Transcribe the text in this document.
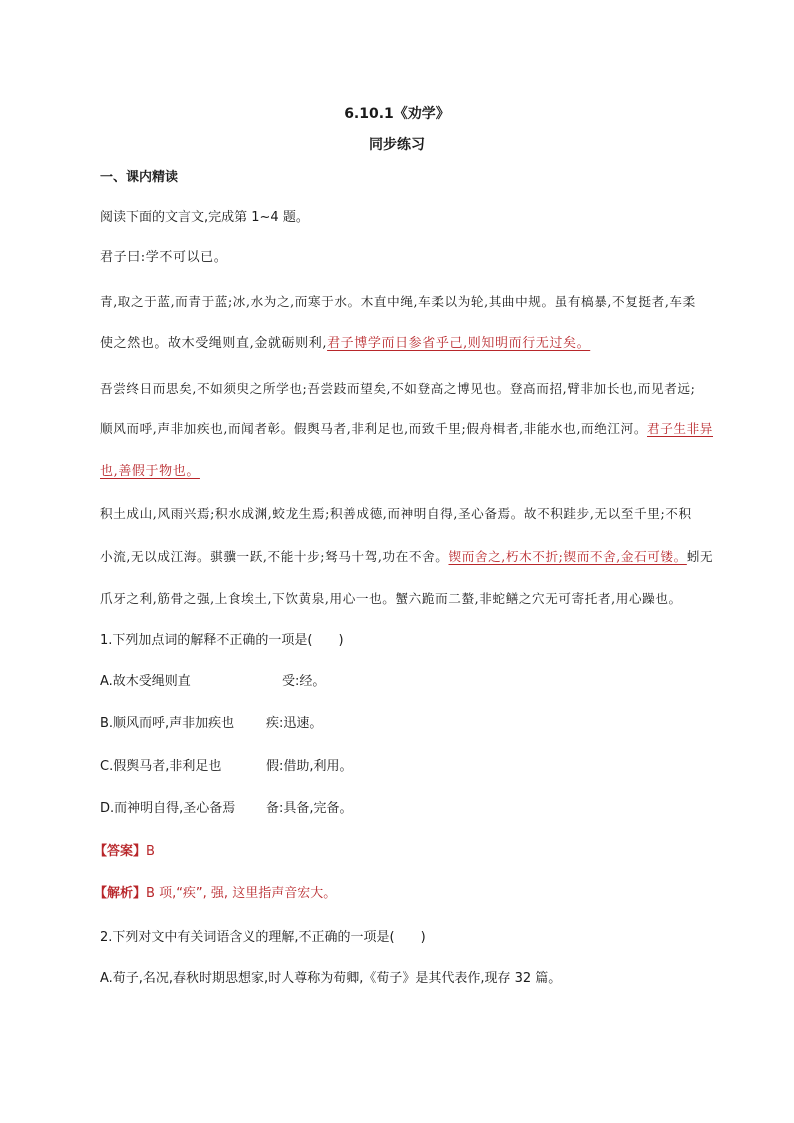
6.10.1《劝学》
同步练习
一、课内精读
阅读下面的文言文,完成第 1~4 题。
君子曰:学不可以已。
青,取之于蓝,而青于蓝;冰,水为之,而寒于水。木直中绳,车柔以为轮,其曲中规。虽有槁暴,不复挺者,车柔
使之然也。故木受绳则直,金就砺则利,君子博学而日参省乎己,则知明而行无过矣。
吾尝终日而思矣,不如须臾之所学也;吾尝跂而望矣,不如登高之博见也。登高而招,臂非加长也,而见者远;
顺风而呼,声非加疾也,而闻者彰。假舆马者,非利足也,而致千里;假舟楫者,非能水也,而绝江河。君子生非异
也,善假于物也。
积土成山,风雨兴焉;积水成渊,蛟龙生焉;积善成德,而神明自得,圣心备焉。故不积跬步,无以至千里;不积
小流,无以成江海。骐骥一跃,不能十步;驽马十驾,功在不舍。锲而舍之,朽木不折;锲而不舍,金石可镂。蚓无
爪牙之利,筋骨之强,上食埃土,下饮黄泉,用心一也。蟹六跪而二螯,非蛇鳝之穴无可寄托者,用心躁也。
1.下列加点词的解释不正确的一项是(　　)
A.故木受绳则直	受:经。
B.顺风而呼,声非加疾也 疾:迅速。
C.假舆马者,非利足也	假:借助,利用。
D.而神明自得,圣心备焉 备:具备,完备。
【答案】B
【解析】B 项,“疾”, 强, 这里指声音宏大。
2.下列对文中有关词语含义的理解,不正确的一项是(　　)
A.荀子,名况,春秋时期思想家,时人尊称为荀卿,《荀子》是其代表作,现存 32 篇。
